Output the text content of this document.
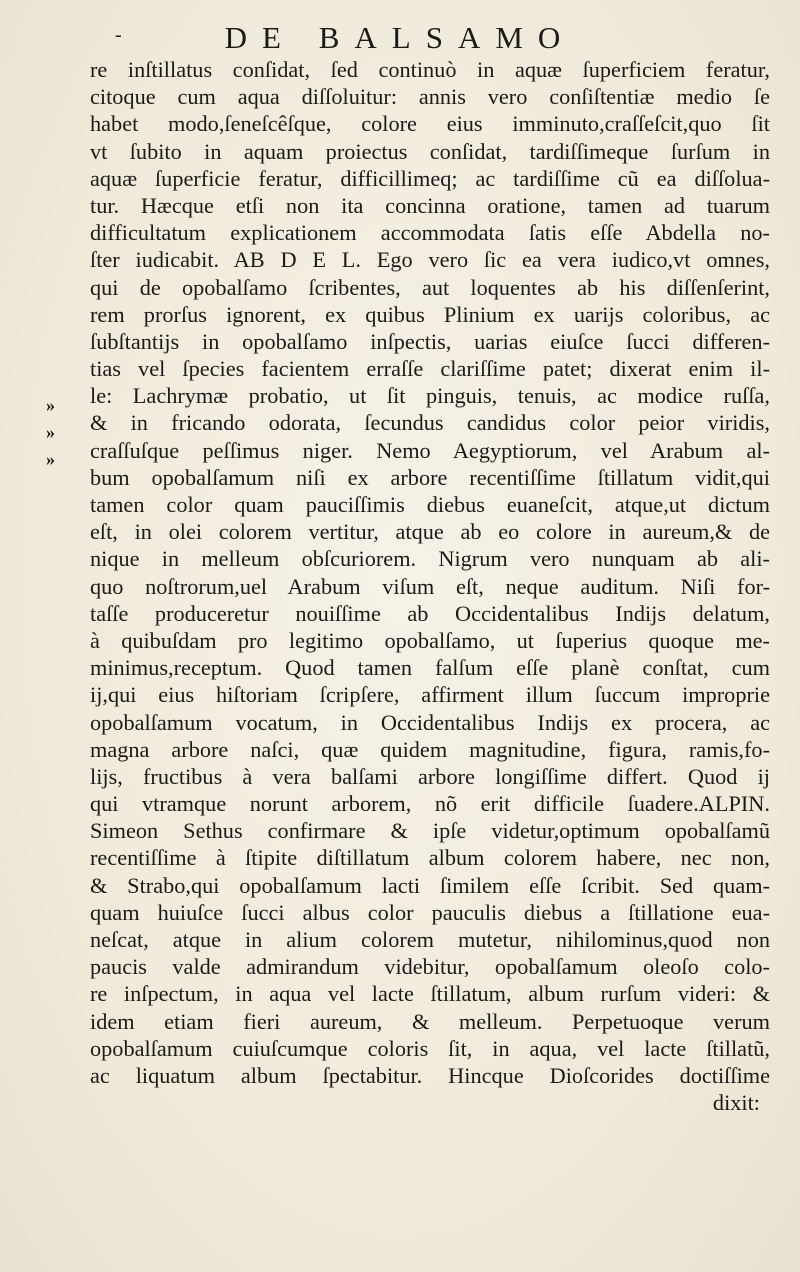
-	DE BALSAMO
»
»
»
re inſtillatus conſidat, ſed continuò in aquæ ſuperficiem feratur,
citoque cum aqua diſſoluitur: annis vero conſiſtentiæ medio ſe
habet modo,ſeneſcêſque, colore eius imminuto,craſſeſcit,quo ſit
vt ſubito in aquam proiectus conſidat, tardiſſimeque ſurſum in
aquæ ſuperficie feratur, difficillimeq; ac tardiſſime cũ ea diſſolua-
tur. Hæcque etſi non ita concinna oratione, tamen ad tuarum
difficultatum explicationem accommodata ſatis eſſe Abdella no-
ſter iudicabit. AB D E L. Ego vero ſic ea vera iudico,vt omnes,
qui de opobalſamo ſcribentes, aut loquentes ab his diſſenſerint,
rem prorſus ignorent, ex quibus Plinium ex uarijs coloribus, ac
ſubſtantijs in opobalſamo inſpectis, uarias eiuſce ſucci differen-
tias vel ſpecies facientem erraſſe clariſſime patet; dixerat enim il-
le: Lachrymæ probatio, ut ſit pinguis, tenuis, ac modice ruſſa,
& in fricando odorata, ſecundus candidus color peior viridis,
craſſuſque peſſimus niger. Nemo Aegyptiorum, vel Arabum al-
bum opobalſamum niſi ex arbore recentiſſime ſtillatum vidit,qui
tamen color quam pauciſſimis diebus euaneſcit, atque,ut dictum
eſt, in olei colorem vertitur, atque ab eo colore in aureum,& de
nique in melleum obſcuriorem. Nigrum vero nunquam ab ali-
quo noſtrorum,uel Arabum viſum eſt, neque auditum. Niſi for-
taſſe produceretur nouiſſime ab Occidentalibus Indijs delatum,
à quibuſdam pro legitimo opobalſamo, ut ſuperius quoque me-
minimus,receptum. Quod tamen falſum eſſe planè conſtat, cum
ij,qui eius hiſtoriam ſcripſere, affirment illum ſuccum improprie
opobalſamum vocatum, in Occidentalibus Indijs ex procera, ac
magna arbore naſci, quæ quidem magnitudine, figura, ramis,fo-
lijs, fructibus à vera balſami arbore longiſſime differt. Quod ij
qui vtramque norunt arborem, nõ erit difficile ſuadere.ALPIN.
Simeon Sethus confirmare & ipſe videtur,optimum opobalſamũ
recentiſſime à ſtipite diſtillatum album colorem habere, nec non,
& Strabo,qui opobalſamum lacti ſimilem eſſe ſcribit. Sed quam-
quam huiuſce ſucci albus color pauculis diebus a ſtillatione eua-
neſcat, atque in alium colorem mutetur, nihilominus,quod non
paucis valde admirandum videbitur, opobalſamum oleoſo colo-
re inſpectum, in aqua vel lacte ſtillatum, album rurſum videri: &
idem etiam fieri aureum, & melleum. Perpetuoque verum
opobalſamum cuiuſcumque coloris ſit, in aqua, vel lacte ſtillatũ,
ac liquatum album ſpectabitur. Hincque Dioſcorides doctiſſime
dixit:
